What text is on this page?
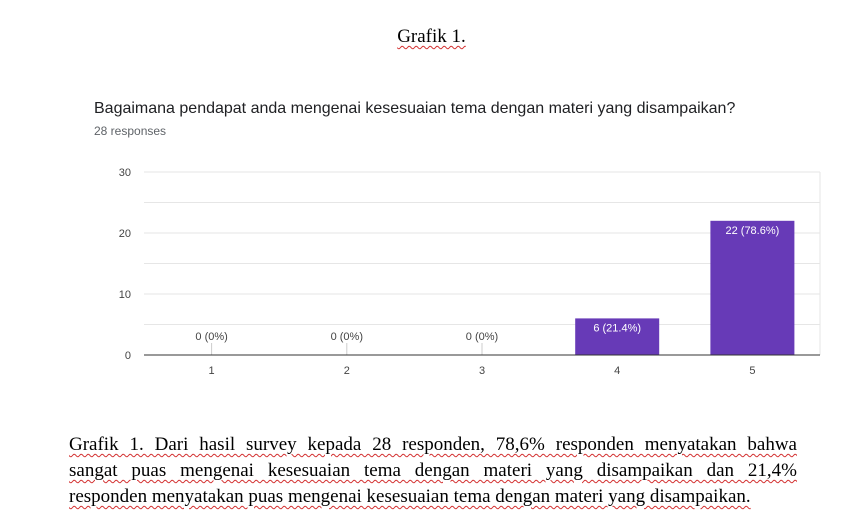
Grafik 1.
Bagaimana pendapat anda mengenai kesesuaian tema dengan materi yang disampaikan?
28 responses
0
10
20
30
0 (0%)
1
0 (0%)
2
0 (0%)
3
6 (21.4%)
4
22 (78.6%)
5
Grafik 1. Dari hasil survey kepada 28 responden, 78,6% responden menyatakan bahwa
sangat puas mengenai kesesuaian tema dengan materi yang disampaikan dan 21,4%
responden menyatakan puas mengenai kesesuaian tema dengan materi yang disampaikan.
